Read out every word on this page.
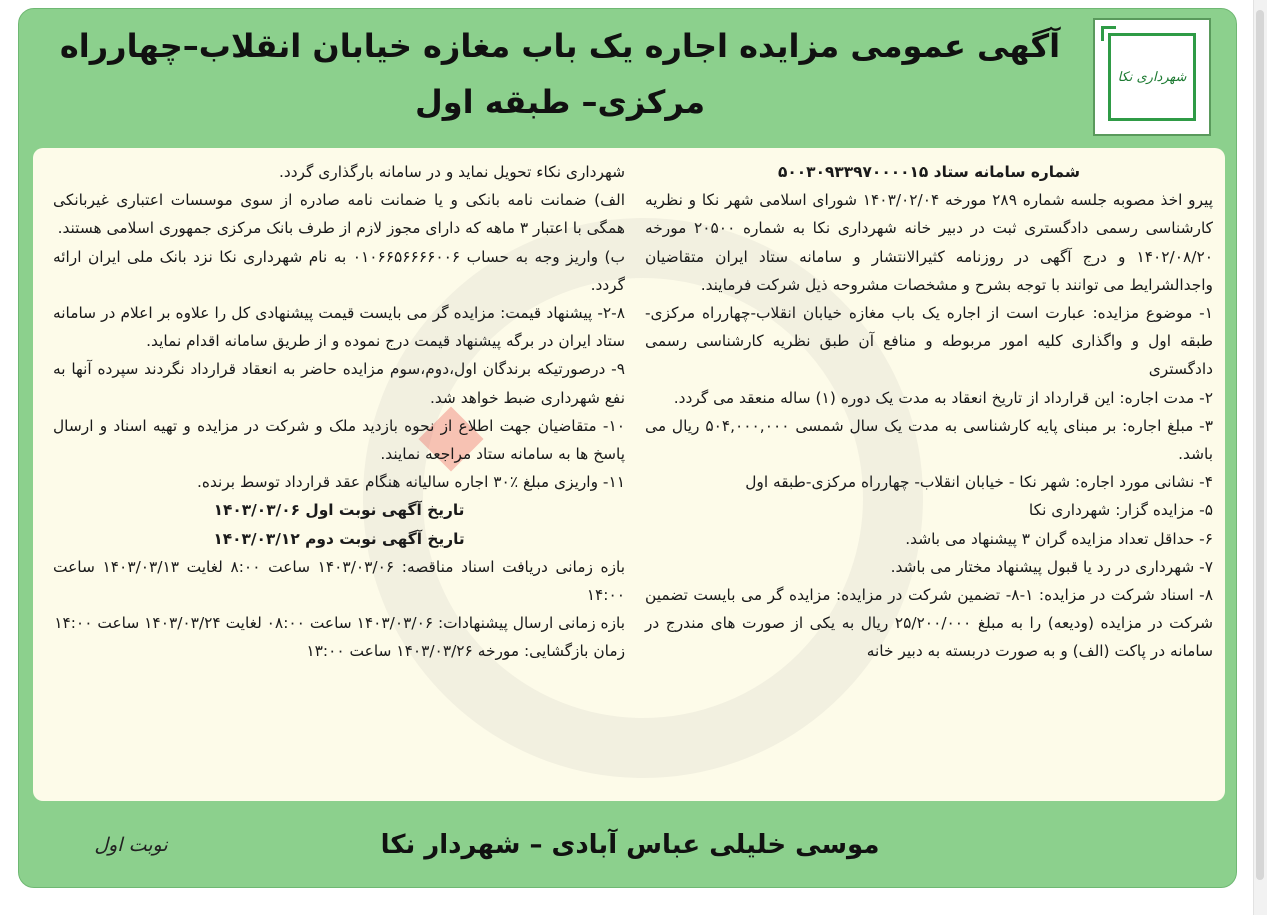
شهرداری نکا
آگهی عمومی مزایده اجاره یک باب مغازه خیابان انقلاب–چهارراه مرکزی– طبقه اول

شماره سامانه ستاد ۵۰۰۳۰۹۳۳۹۷۰۰۰۰۱۵

پیرو اخذ مصوبه جلسه شماره ۲۸۹ مورخه ۱۴۰۳/۰۲/۰۴ شورای اسلامی شهر نکا و نظریه کارشناسی رسمی دادگستری ثبت در دبیر خانه شهرداری نکا به شماره ۲۰۵۰۰ مورخه ۱۴۰۲/۰۸/۲۰ و درج آگهی در روزنامه کثیرالانتشار و سامانه ستاد ایران متقاضیان واجدالشرایط می توانند با توجه بشرح و مشخصات مشروحه ذیل شرکت فرمایند.

۱- موضوع مزایده: عبارت است از اجاره یک باب مغازه خیابان انقلاب-چهارراه مرکزی-طبقه اول و واگذاری کلیه امور مربوطه و منافع آن طبق نظریه کارشناسی رسمی دادگستری

۲- مدت اجاره: این قرارداد از تاریخ انعقاد به مدت یک دوره (۱) ساله منعقد می گردد.

۳- مبلغ اجاره: بر مبنای پایه کارشناسی به مدت یک سال شمسی ۵۰۴,۰۰۰,۰۰۰ ریال می باشد.

۴- نشانی مورد اجاره: شهر نکا - خیابان انقلاب- چهارراه مرکزی-طبقه اول

۵- مزایده گزار: شهرداری نکا

۶- حداقل تعداد مزایده گران ۳ پیشنهاد می باشد.

۷- شهرداری در رد یا قبول پیشنهاد مختار می باشد.

۸- اسناد شرکت در مزایده: ۱-۸- تضمین شرکت در مزایده: مزایده گر می بایست تضمین شرکت در مزایده (ودیعه) را به مبلغ ۲۵/۲۰۰/۰۰۰ ریال به یکی از صورت های مندرج در سامانه در پاکت (الف) و به صورت دربسته به دبیر خانه

شهرداری نکاء تحویل نماید و در سامانه بارگذاری گردد.

الف) ضمانت نامه بانکی و یا ضمانت نامه صادره از سوی موسسات اعتباری غیربانکی همگی با اعتبار ۳ ماهه که دارای مجوز لازم از طرف بانک مرکزی جمهوری اسلامی هستند.

ب) واریز وجه به حساب ۰۱۰۶۶۵۶۶۶۶۰۰۶ به نام شهرداری نکا نزد بانک ملی ایران ارائه گردد.

۲-۸- پیشنهاد قیمت: مزایده گر می بایست قیمت پیشنهادی کل را علاوه بر اعلام در سامانه ستاد ایران در برگه پیشنهاد قیمت درج نموده و از طریق سامانه اقدام نماید.

۹- درصورتیکه برندگان اول،دوم،سوم مزایده حاضر به انعقاد قرارداد نگردند سپرده آنها به نفع شهرداری ضبط خواهد شد.

۱۰- متقاضیان جهت اطلاع از نحوه بازدید ملک و شرکت در مزایده و تهیه اسناد و ارسال پاسخ ها به سامانه ستاد مراجعه نمایند.

۱۱- واریزی مبلغ ٪۳۰ اجاره سالیانه هنگام عقد قرارداد توسط برنده.

تاریخ آگهی نوبت اول ۱۴۰۳/۰۳/۰۶

تاریخ آگهی نوبت دوم ۱۴۰۳/۰۳/۱۲

بازه زمانی دریافت اسناد مناقصه: ۱۴۰۳/۰۳/۰۶ ساعت ۸:۰۰ لغایت ۱۴۰۳/۰۳/۱۳ ساعت ۱۴:۰۰

بازه زمانی ارسال پیشنهادات: ۱۴۰۳/۰۳/۰۶ ساعت ۰۸:۰۰ لغایت ۱۴۰۳/۰۳/۲۴ ساعت ۱۴:۰۰

زمان بازگشایی: مورخه ۱۴۰۳/۰۳/۲۶ ساعت ۱۳:۰۰

موسی خلیلی عباس آبادی – شهردار نکا
نوبت اول
